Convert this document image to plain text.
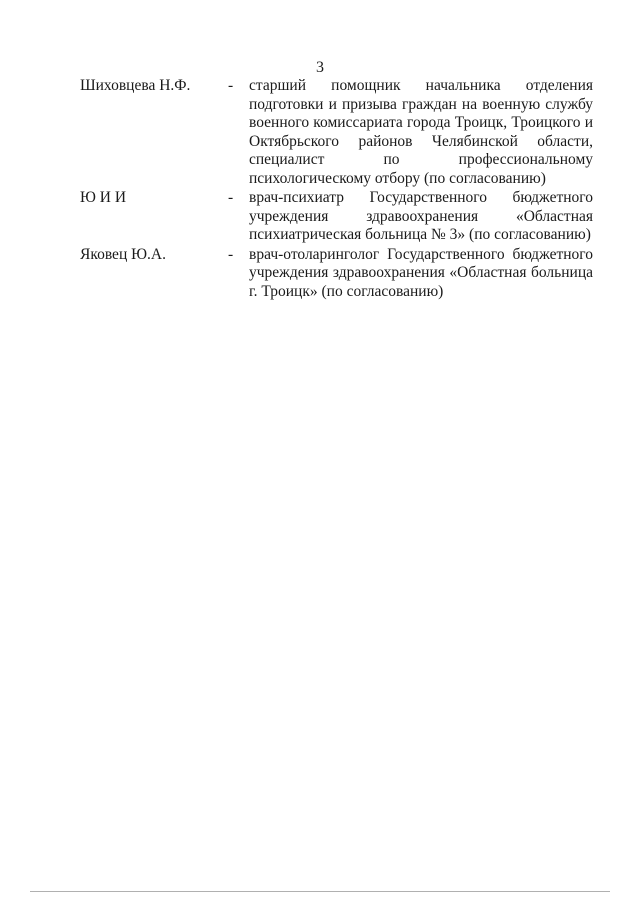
3
Шиховцева Н.Ф.	-	старший помощник начальника отделения подготовки и призыва граждан на военную службу военного комиссариата города Троицк, Троицкого и Октябрьского районов Челябинской области, специалист по профессиональному психологическому отбору (по согласованию)
Ю И И	-	врач-психиатр Государственного бюджетного учреждения здравоохранения «Областная психиатрическая больница № 3» (по согласованию)
Яковец Ю.А.	-	врач-отоларинголог Государственного бюджетного учреждения здравоохранения «Областная больница г. Троицк» (по согласованию)
